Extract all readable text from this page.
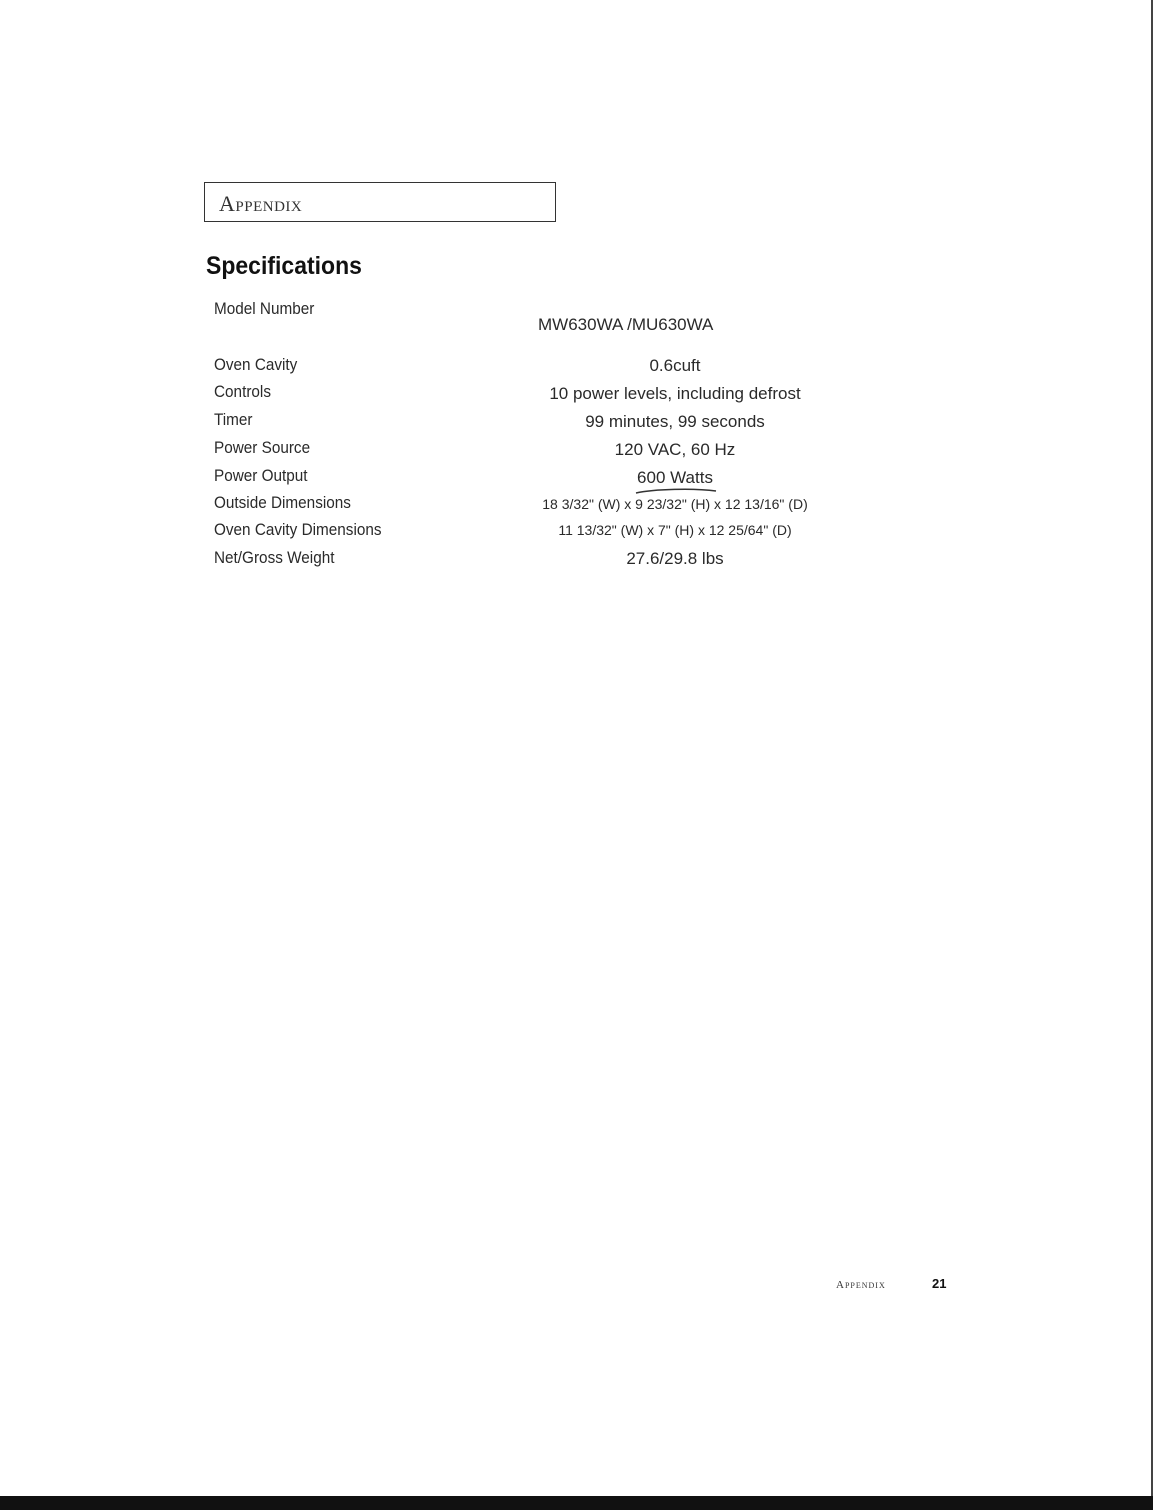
Appendix
Specifications
Model Number
Oven Cavity
Controls
Timer
Power Source
Power Output
Outside Dimensions
Oven Cavity Dimensions
Net/Gross Weight
MW630WA /MU630WA
0.6cuft
10 power levels, including defrost
99 minutes, 99 seconds
120 VAC, 60 Hz
600 Watts
18 3/32" (W) x 9 23/32" (H) x 12 13/16" (D)
11 13/32" (W) x 7" (H) x 12 25/64" (D)
27.6/29.8 lbs
Appendix	21
